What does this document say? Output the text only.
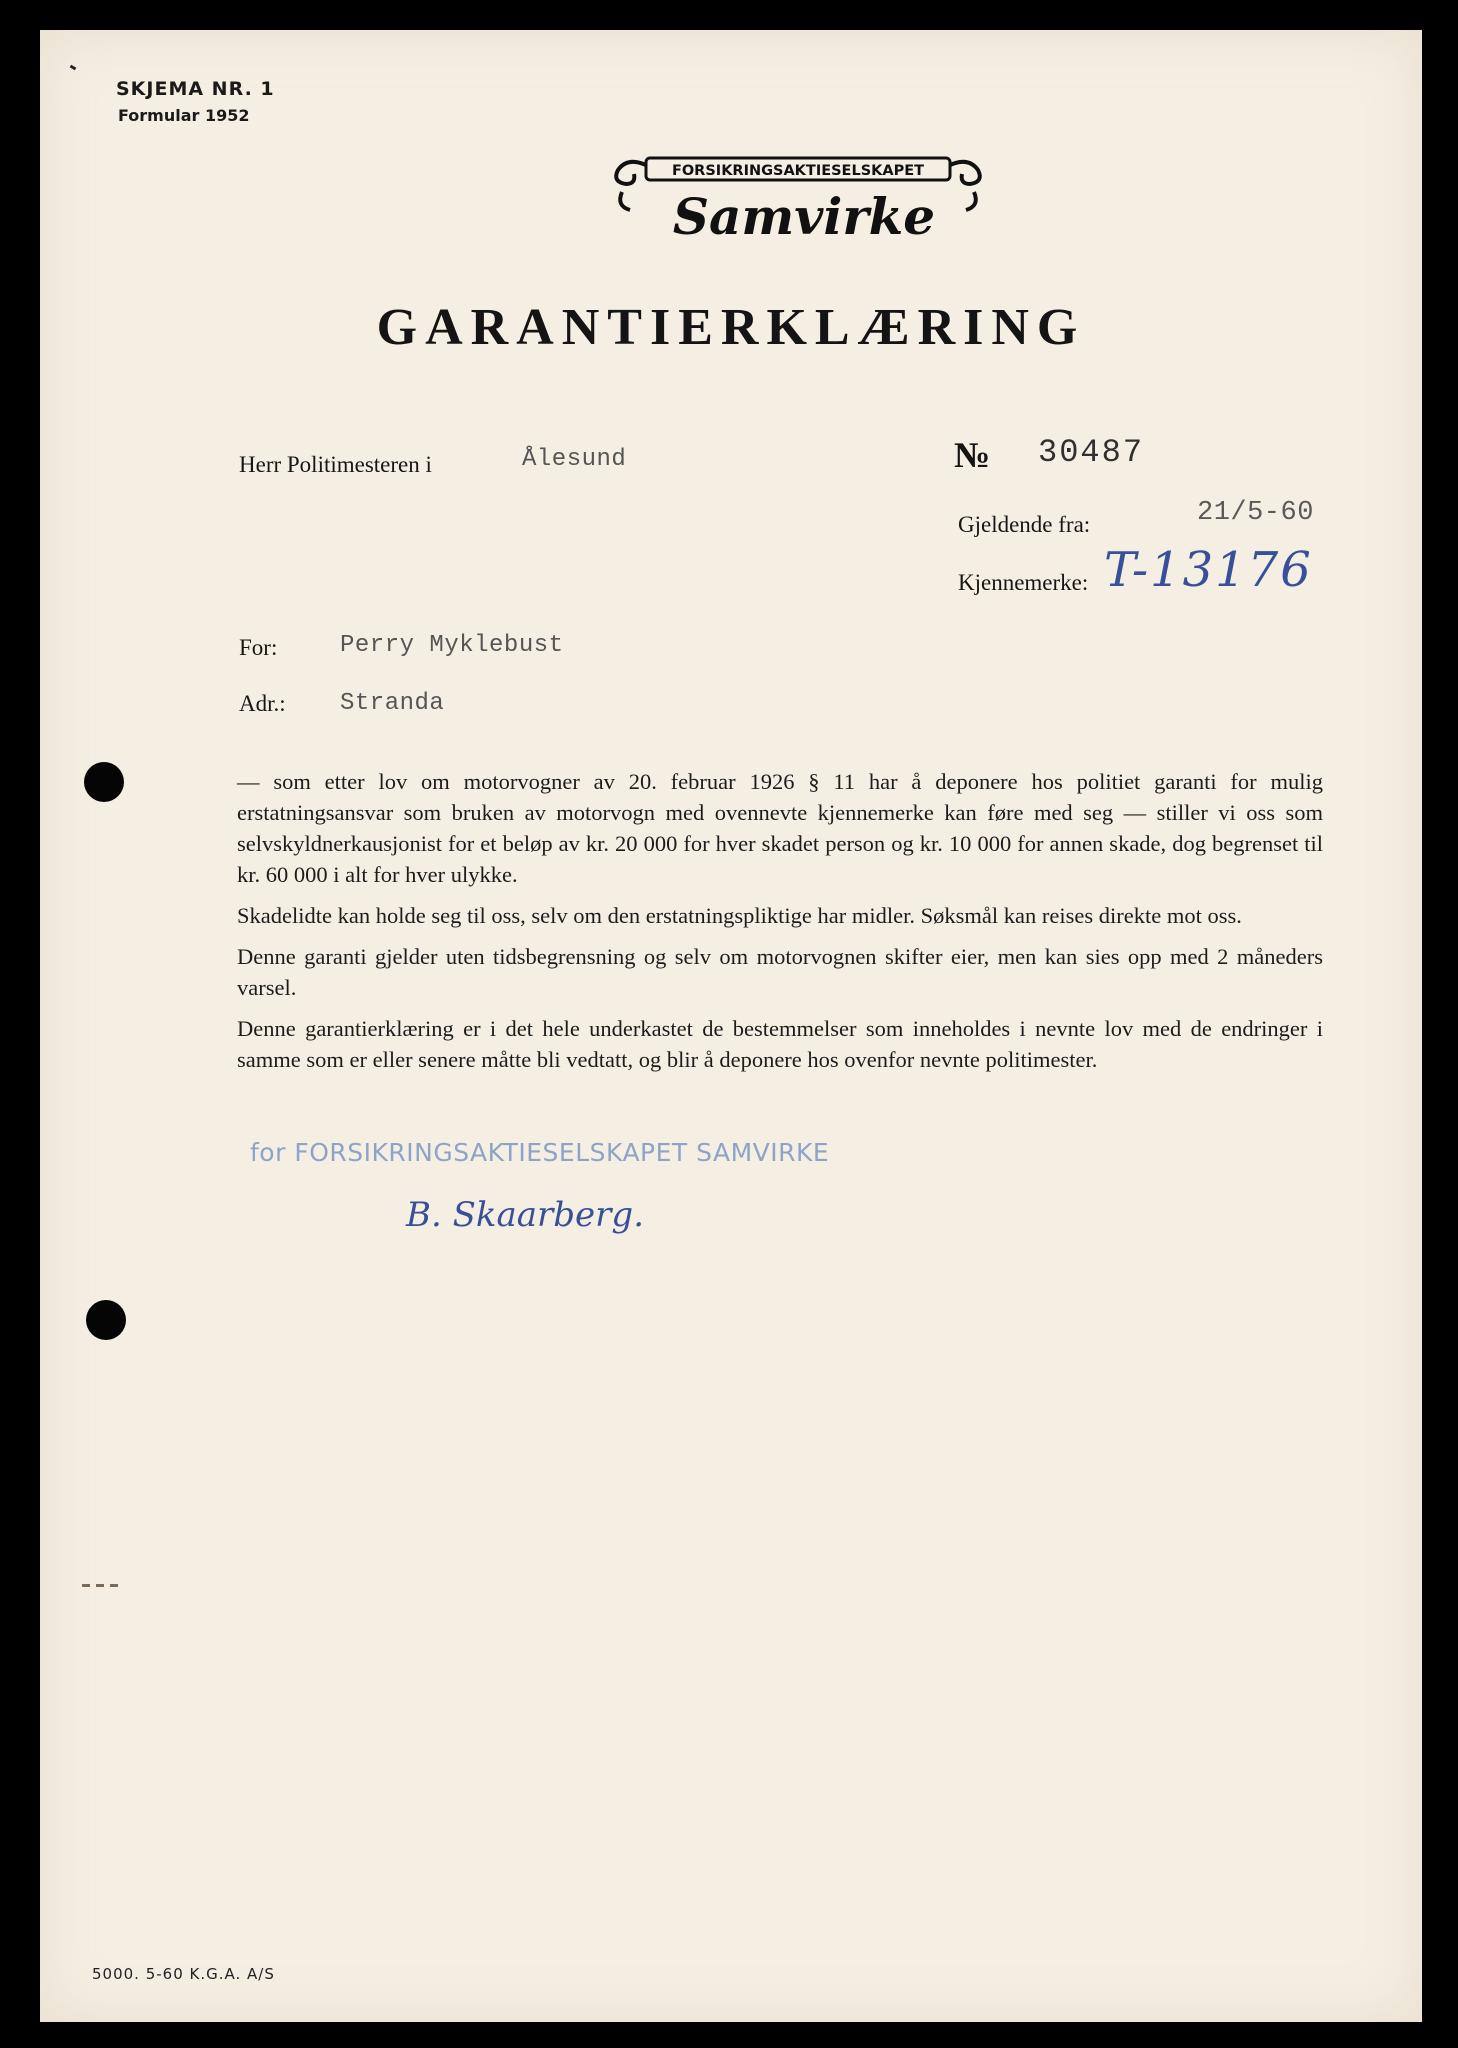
SKJEMA NR. 1
Formular 1952
FORSIKRINGSAKTIESELSKAPET
Samvirke
GARANTIERKLÆRING
Herr Politimesteren i	Ålesund	№ 30487
Gjeldende fra:	21/5-60
Kjennemerke: T-13176
For:	Perry Myklebust
Adr.: Stranda

— som etter lov om motorvogner av 20. februar 1926 § 11 har å deponere hos politiet garanti for mulig erstatningsansvar som bruken av motorvogn med ovennevte kjennemerke kan føre med seg — stiller vi oss som selvskyldnerkausjonist for et beløp av kr. 20 000 for hver skadet person og kr. 10 000 for annen skade, dog begrenset til kr. 60 000 i alt for hver ulykke.

Skadelidte kan holde seg til oss, selv om den erstatningspliktige har midler. Søksmål kan reises direkte mot oss.

Denne garanti gjelder uten tidsbegrensning og selv om motorvognen skifter eier, men kan sies opp med 2 måneders varsel.

Denne garantierklæring er i det hele underkastet de bestemmelser som inneholdes i nevnte lov med de endringer i samme som er eller senere måtte bli vedtatt, og blir å deponere hos ovenfor nevnte politimester.

for FORSIKRINGSAKTIESELSKAPET SAMVIRKE
B. Skaarberg.
5000. 5-60 K.G.A. A/S
